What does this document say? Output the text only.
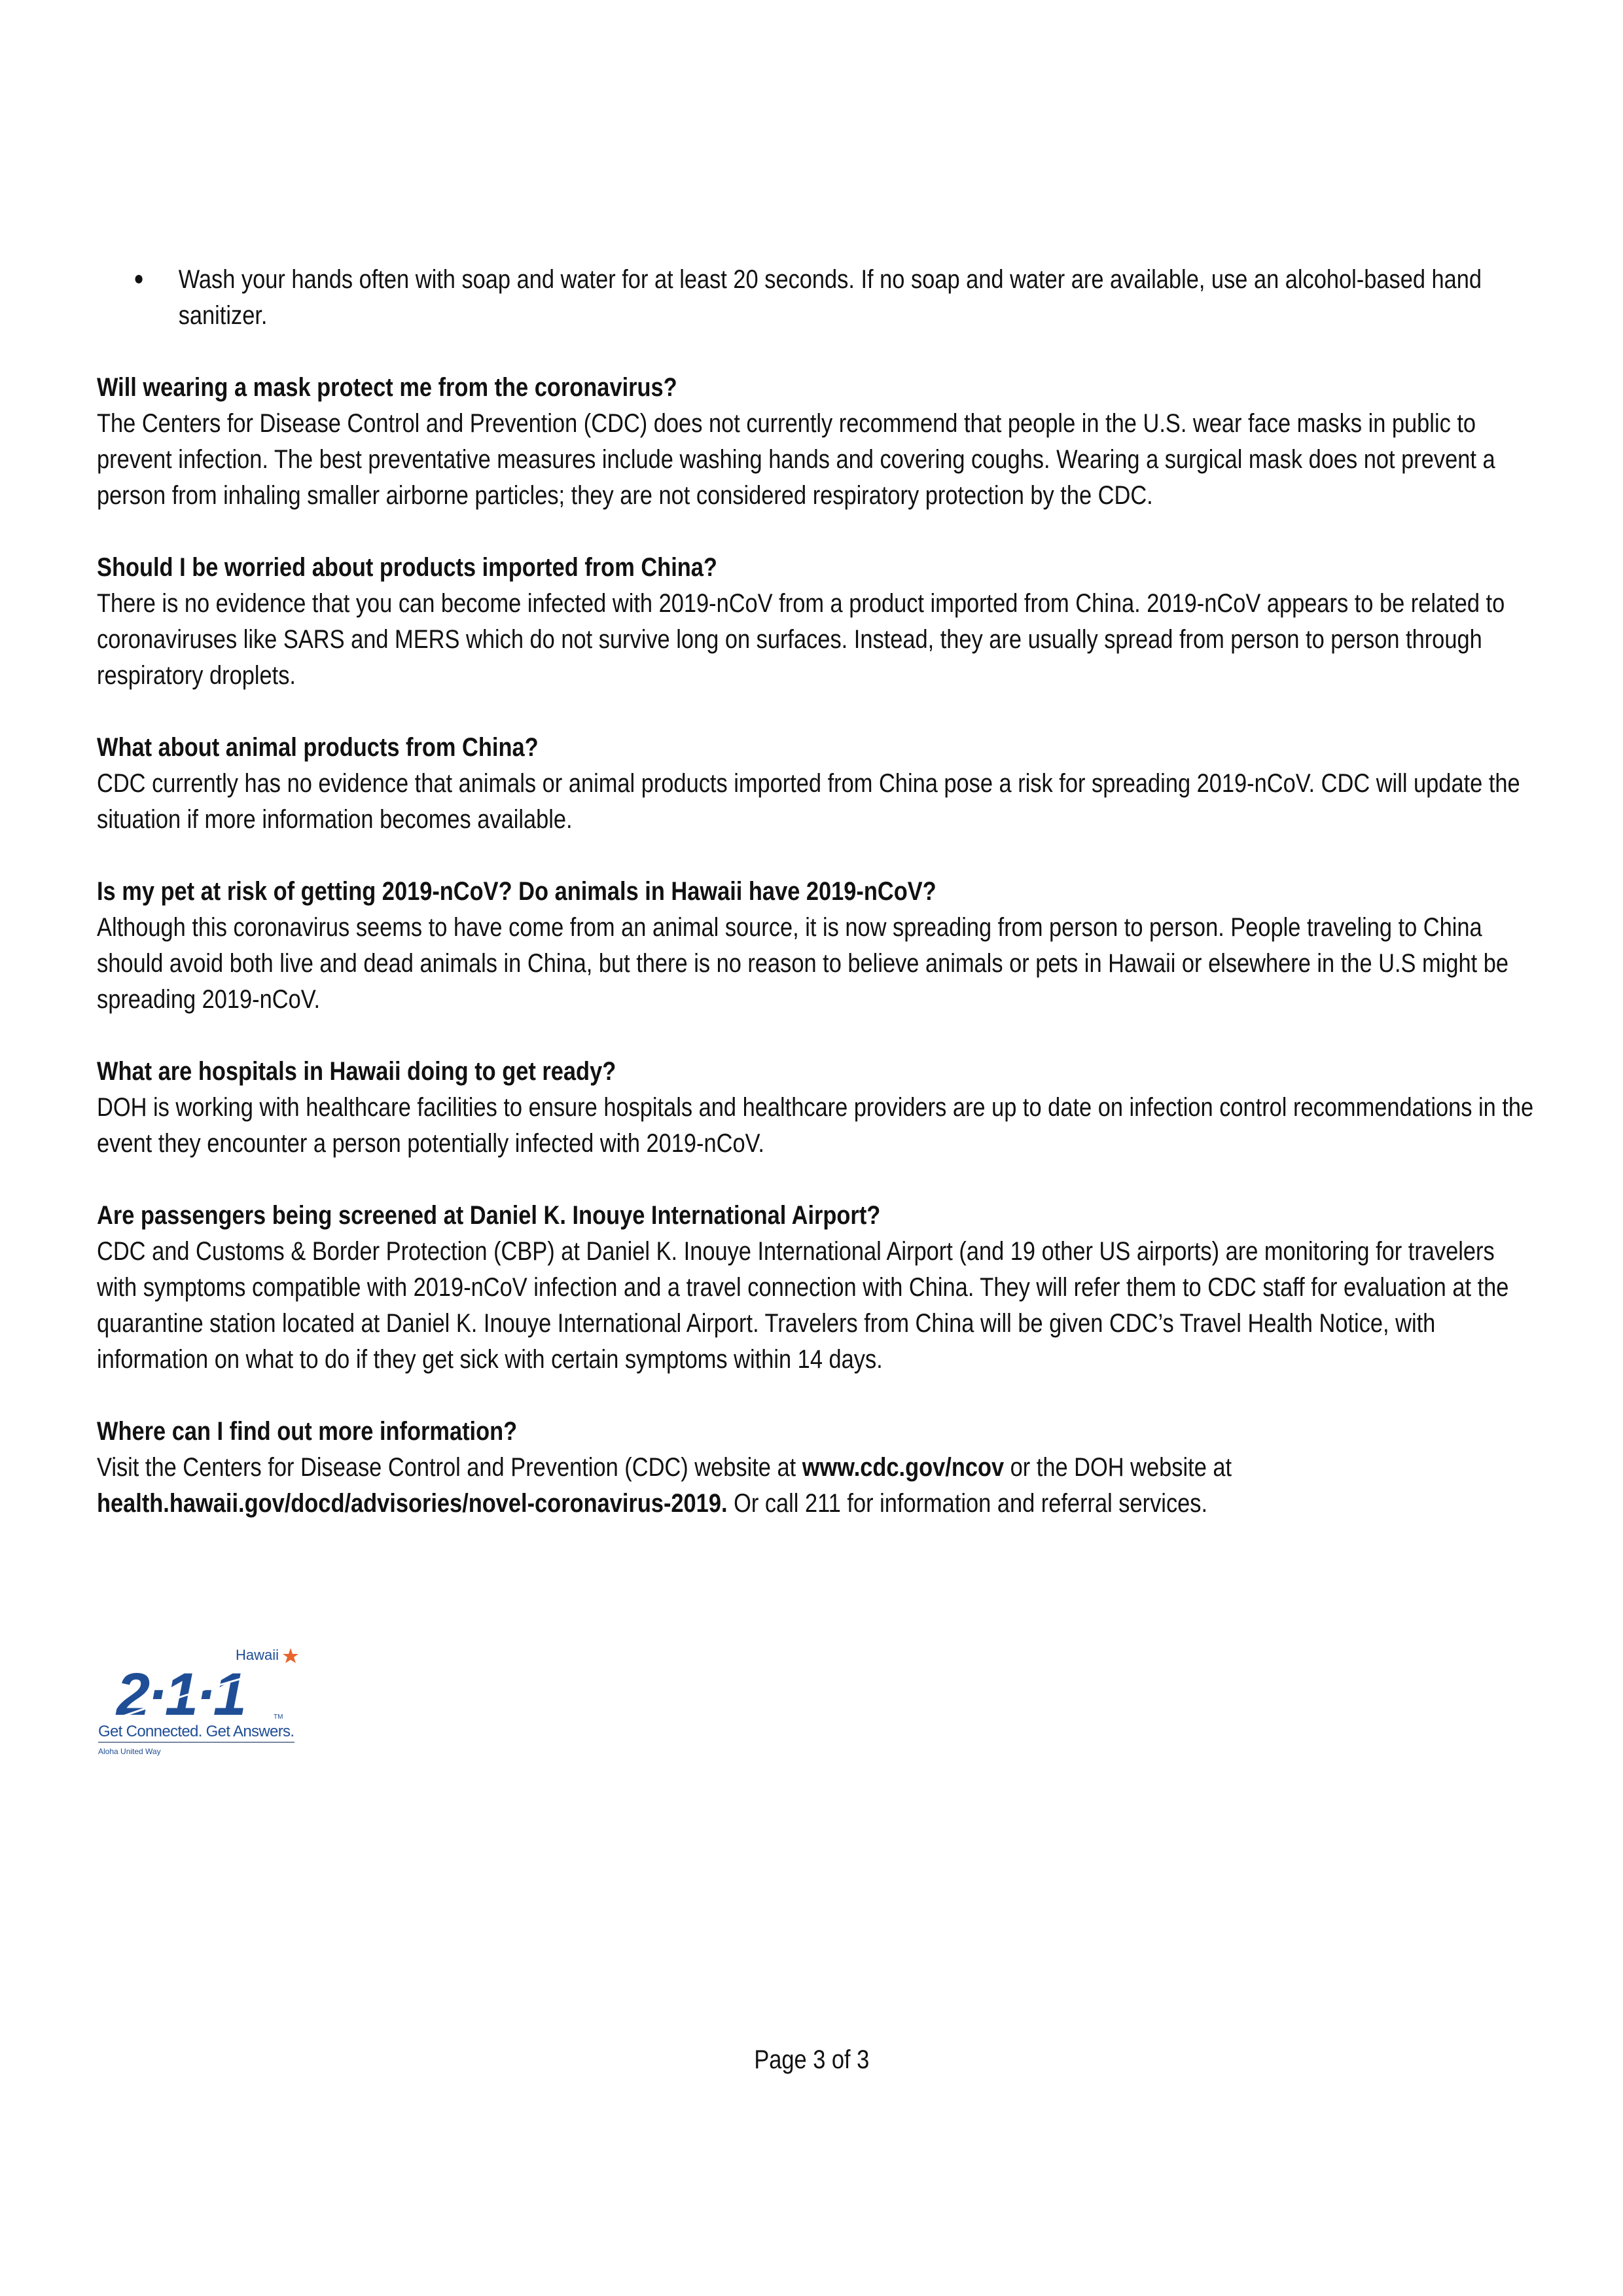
Wash your hands often with soap and water for at least 20 seconds. If no soap and water are available, use an alcohol-based hand sanitizer.
Will wearing a mask protect me from the coronavirus?
The Centers for Disease Control and Prevention (CDC) does not currently recommend that people in the U.S. wear face masks in public to prevent infection. The best preventative measures include washing hands and covering coughs. Wearing a surgical mask does not prevent a person from inhaling smaller airborne particles; they are not considered respiratory protection by the CDC.
Should I be worried about products imported from China?
There is no evidence that you can become infected with 2019-nCoV from a product imported from China. 2019-nCoV appears to be related to coronaviruses like SARS and MERS which do not survive long on surfaces. Instead, they are usually spread from person to person through respiratory droplets.
What about animal products from China?
CDC currently has no evidence that animals or animal products imported from China pose a risk for spreading 2019-nCoV. CDC will update the situation if more information becomes available.
Is my pet at risk of getting 2019-nCoV? Do animals in Hawaii have 2019-nCoV?
Although this coronavirus seems to have come from an animal source, it is now spreading from person to person. People traveling to China should avoid both live and dead animals in China, but there is no reason to believe animals or pets in Hawaii or elsewhere in the U.S might be spreading 2019-nCoV.
What are hospitals in Hawaii doing to get ready?
DOH is working with healthcare facilities to ensure hospitals and healthcare providers are up to date on infection control recommendations in the event they encounter a person potentially infected with 2019-nCoV.
Are passengers being screened at Daniel K. Inouye International Airport?
CDC and Customs & Border Protection (CBP) at Daniel K. Inouye International Airport (and 19 other US airports) are monitoring for travelers with symptoms compatible with 2019-nCoV infection and a travel connection with China. They will refer them to CDC staff for evaluation at the quarantine station located at Daniel K. Inouye International Airport. Travelers from China will be given CDC’s Travel Health Notice, with information on what to do if they get sick with certain symptoms within 14 days.
Where can I find out more information?
Visit the Centers for Disease Control and Prevention (CDC) website at www.cdc.gov/ncov or the DOH website at health.hawaii.gov/docd/advisories/novel-coronavirus-2019. Or call 211 for information and referral services.
Hawaii
2·1·1	TM
Get Connected. Get Answers.
Aloha United Way
Page 3 of 3
